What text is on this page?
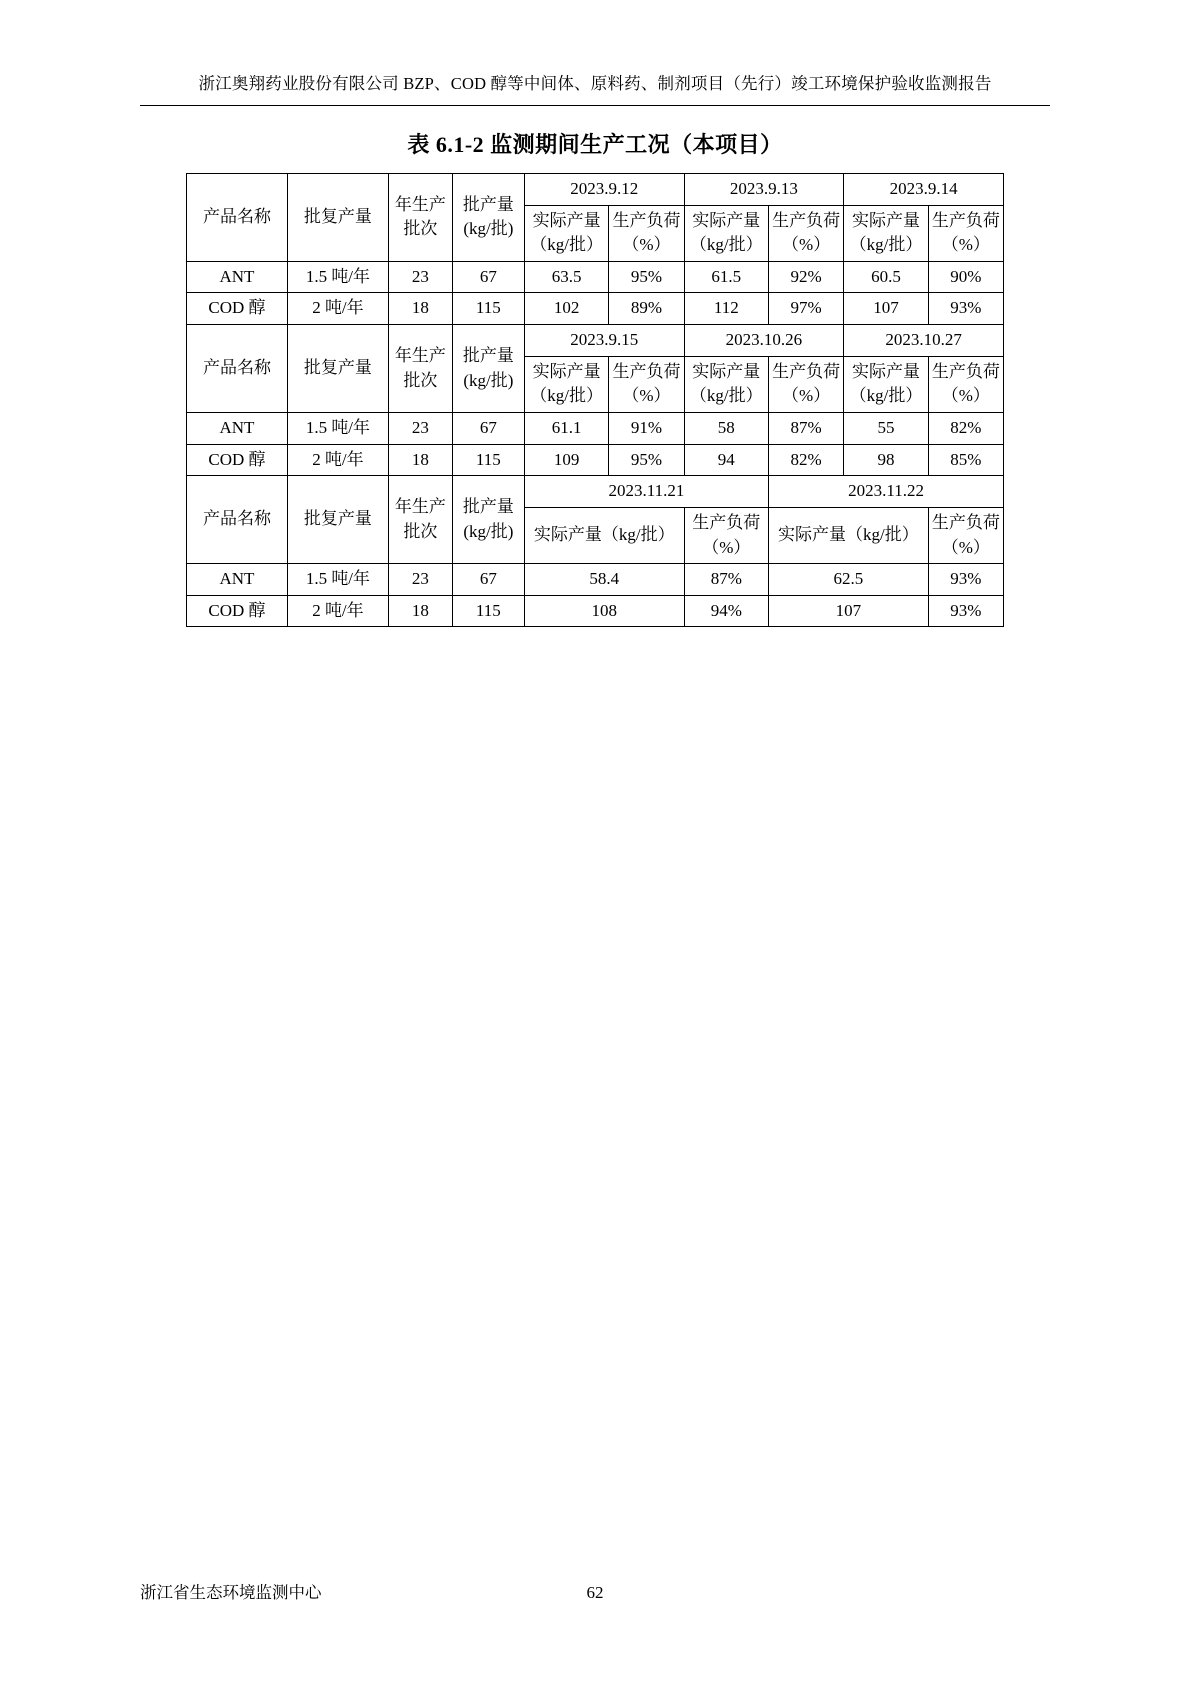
浙江奥翔药业股份有限公司 BZP、COD 醇等中间体、原料药、制剂项目（先行）竣工环境保护验收监测报告
表 6.1-2 监测期间生产工况（本项目）
产品名称	批复产量	年生产批次	批产量(kg/批)	2023.9.12		2023.9.13		2023.9.14	
				实际产量（kg/批）	生产负荷（%）	实际产量（kg/批）	生产负荷（%）	实际产量（kg/批）	生产负荷（%）
ANT	1.5 吨/年	23	67	63.5	95%	61.5	92%	60.5	90%
COD 醇	2 吨/年	18	115	102	89%	112	97%	107	93%
产品名称	批复产量	年生产批次	批产量(kg/批)	2023.9.15		2023.10.26		2023.10.27	
				实际产量（kg/批）	生产负荷（%）	实际产量（kg/批）	生产负荷（%）	实际产量（kg/批）	生产负荷（%）
ANT	1.5 吨/年	23	67	61.1	91%	58	87%	55	82%
COD 醇	2 吨/年	18	115	109	95%	94	82%	98	85%
产品名称	批复产量	年生产批次	批产量(kg/批)	2023.11.21			2023.11.22		
				实际产量（kg/批）		生产负荷（%）	实际产量（kg/批）		生产负荷（%）
ANT	1.5 吨/年	23	67	58.4		87%	62.5		93%
COD 醇	2 吨/年	18	115	108		94%	107		93%
浙江省生态环境监测中心	62
